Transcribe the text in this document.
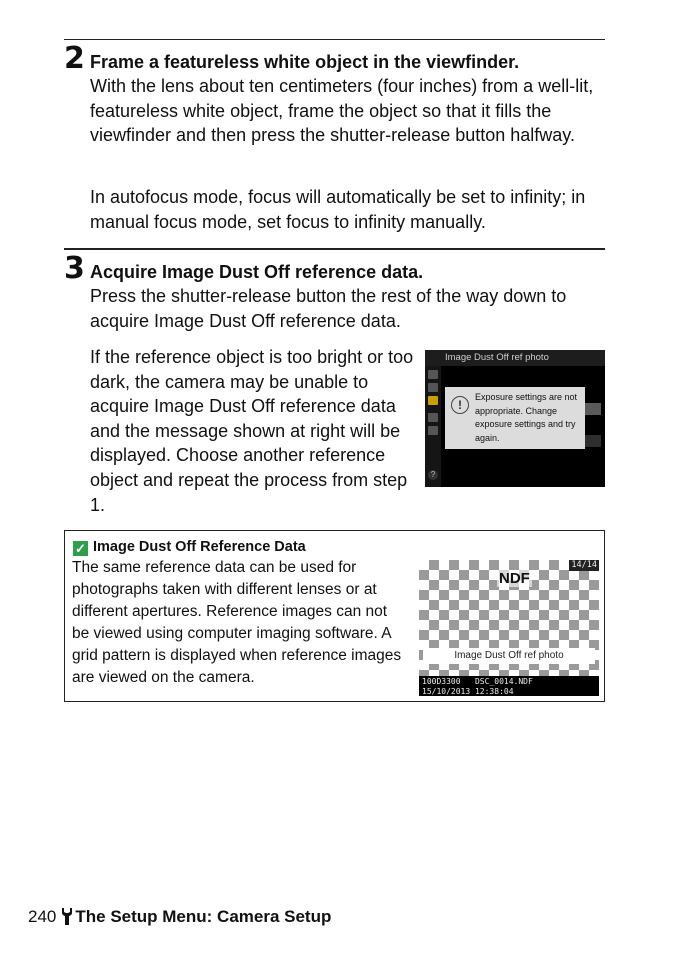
2 Frame a featureless white object in the viewfinder.

With the lens about ten centimeters (four inches) from a well-lit, featureless white object, frame the object so that it fills the viewfinder and then press the shutter-release button halfway.

In autofocus mode, focus will automatically be set to infinity; in manual focus mode, set focus to infinity manually.

3 Acquire Image Dust Off reference data.

Press the shutter-release button the rest of the way down to acquire Image Dust Off reference data.

If the reference object is too bright or too dark, the camera may be unable to acquire Image Dust Off reference data and the message shown at right will be displayed. Choose another reference object and repeat the process from step 1.

Image Dust Off ref photo
?
!
Exposure settings are not appropriate. Change exposure settings and try again.
✓ Image Dust Off Reference Data

The same reference data can be used for photographs taken with different lenses or at different apertures. Reference images can not be viewed using computer imaging software. A grid pattern is displayed when reference images are viewed on the camera.

14/14
NDF
Image Dust Off ref photo
100D3300   DSC_0014.NDF
15/10/2013 12:38:04
240 The Setup Menu: Camera Setup
